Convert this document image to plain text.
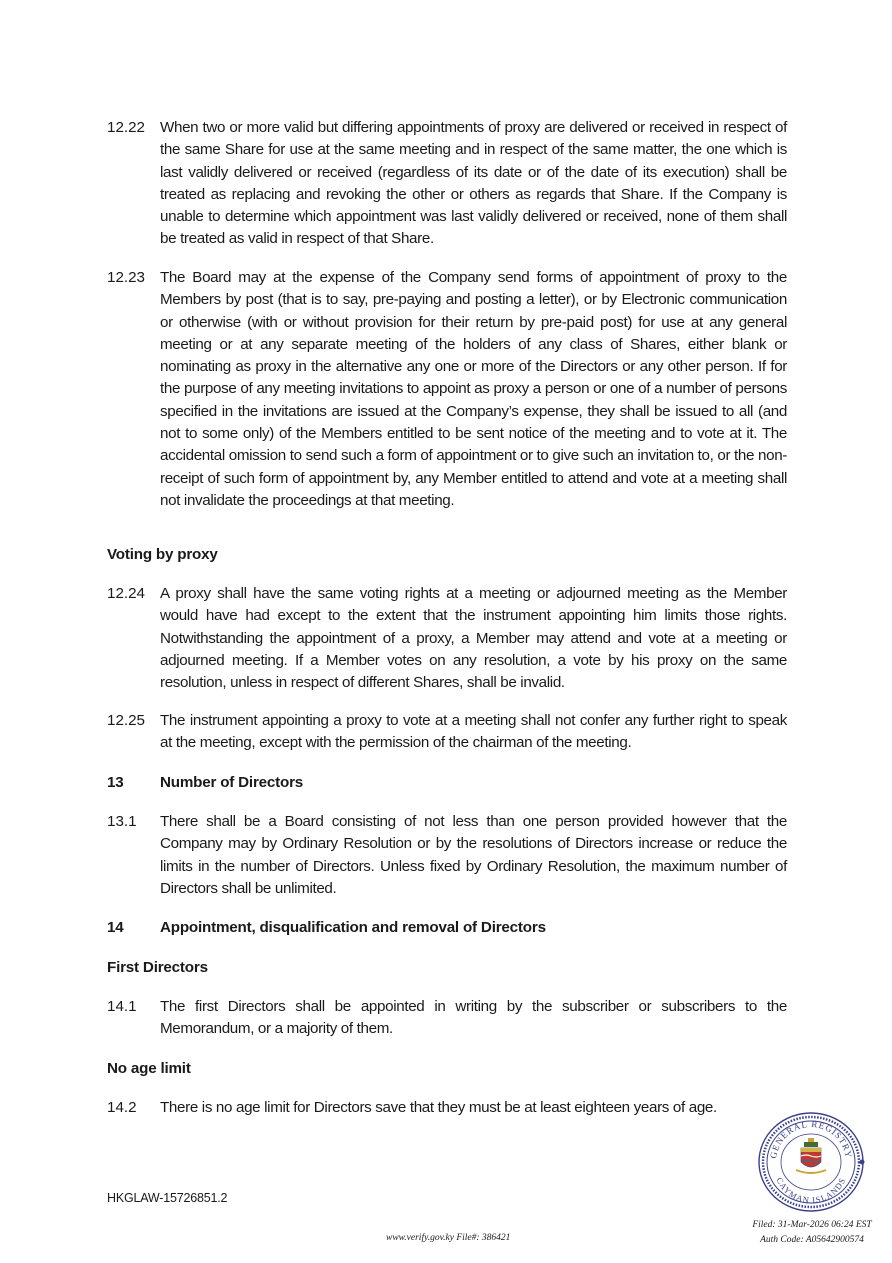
12.22 When two or more valid but differing appointments of proxy are delivered or received in respect of the same Share for use at the same meeting and in respect of the same matter, the one which is last validly delivered or received (regardless of its date or of the date of its execution) shall be treated as replacing and revoking the other or others as regards that Share. If the Company is unable to determine which appointment was last validly delivered or received, none of them shall be treated as valid in respect of that Share.
12.23 The Board may at the expense of the Company send forms of appointment of proxy to the Members by post (that is to say, pre-paying and posting a letter), or by Electronic communication or otherwise (with or without provision for their return by pre-paid post) for use at any general meeting or at any separate meeting of the holders of any class of Shares, either blank or nominating as proxy in the alternative any one or more of the Directors or any other person. If for the purpose of any meeting invitations to appoint as proxy a person or one of a number of persons specified in the invitations are issued at the Company’s expense, they shall be issued to all (and not to some only) of the Members entitled to be sent notice of the meeting and to vote at it. The accidental omission to send such a form of appointment or to give such an invitation to, or the non-receipt of such form of appointment by, any Member entitled to attend and vote at a meeting shall not invalidate the proceedings at that meeting.
Voting by proxy
12.24 A proxy shall have the same voting rights at a meeting or adjourned meeting as the Member would have had except to the extent that the instrument appointing him limits those rights. Notwithstanding the appointment of a proxy, a Member may attend and vote at a meeting or adjourned meeting. If a Member votes on any resolution, a vote by his proxy on the same resolution, unless in respect of different Shares, shall be invalid.
12.25 The instrument appointing a proxy to vote at a meeting shall not confer any further right to speak at the meeting, except with the permission of the chairman of the meeting.
13 Number of Directors
13.1	There shall be a Board consisting of not less than one person provided however that the Company may by Ordinary Resolution or by the resolutions of Directors increase or reduce the limits in the number of Directors. Unless fixed by Ordinary Resolution, the maximum number of Directors shall be unlimited.
14 Appointment, disqualification and removal of Directors
First Directors
14.1	The first Directors shall be appointed in writing by the subscriber or subscribers to the Memorandum, or a majority of them.
No age limit
14.2	There is no age limit for Directors save that they must be at least eighteen years of age.
GENERAL REGISTRY
CAYMAN ISLANDS
HKGLAW-15726851.2
www.verify.gov.ky File#: 386421
Filed: 31-Mar-2026 06:24 EST
Auth Code: A05642900574
